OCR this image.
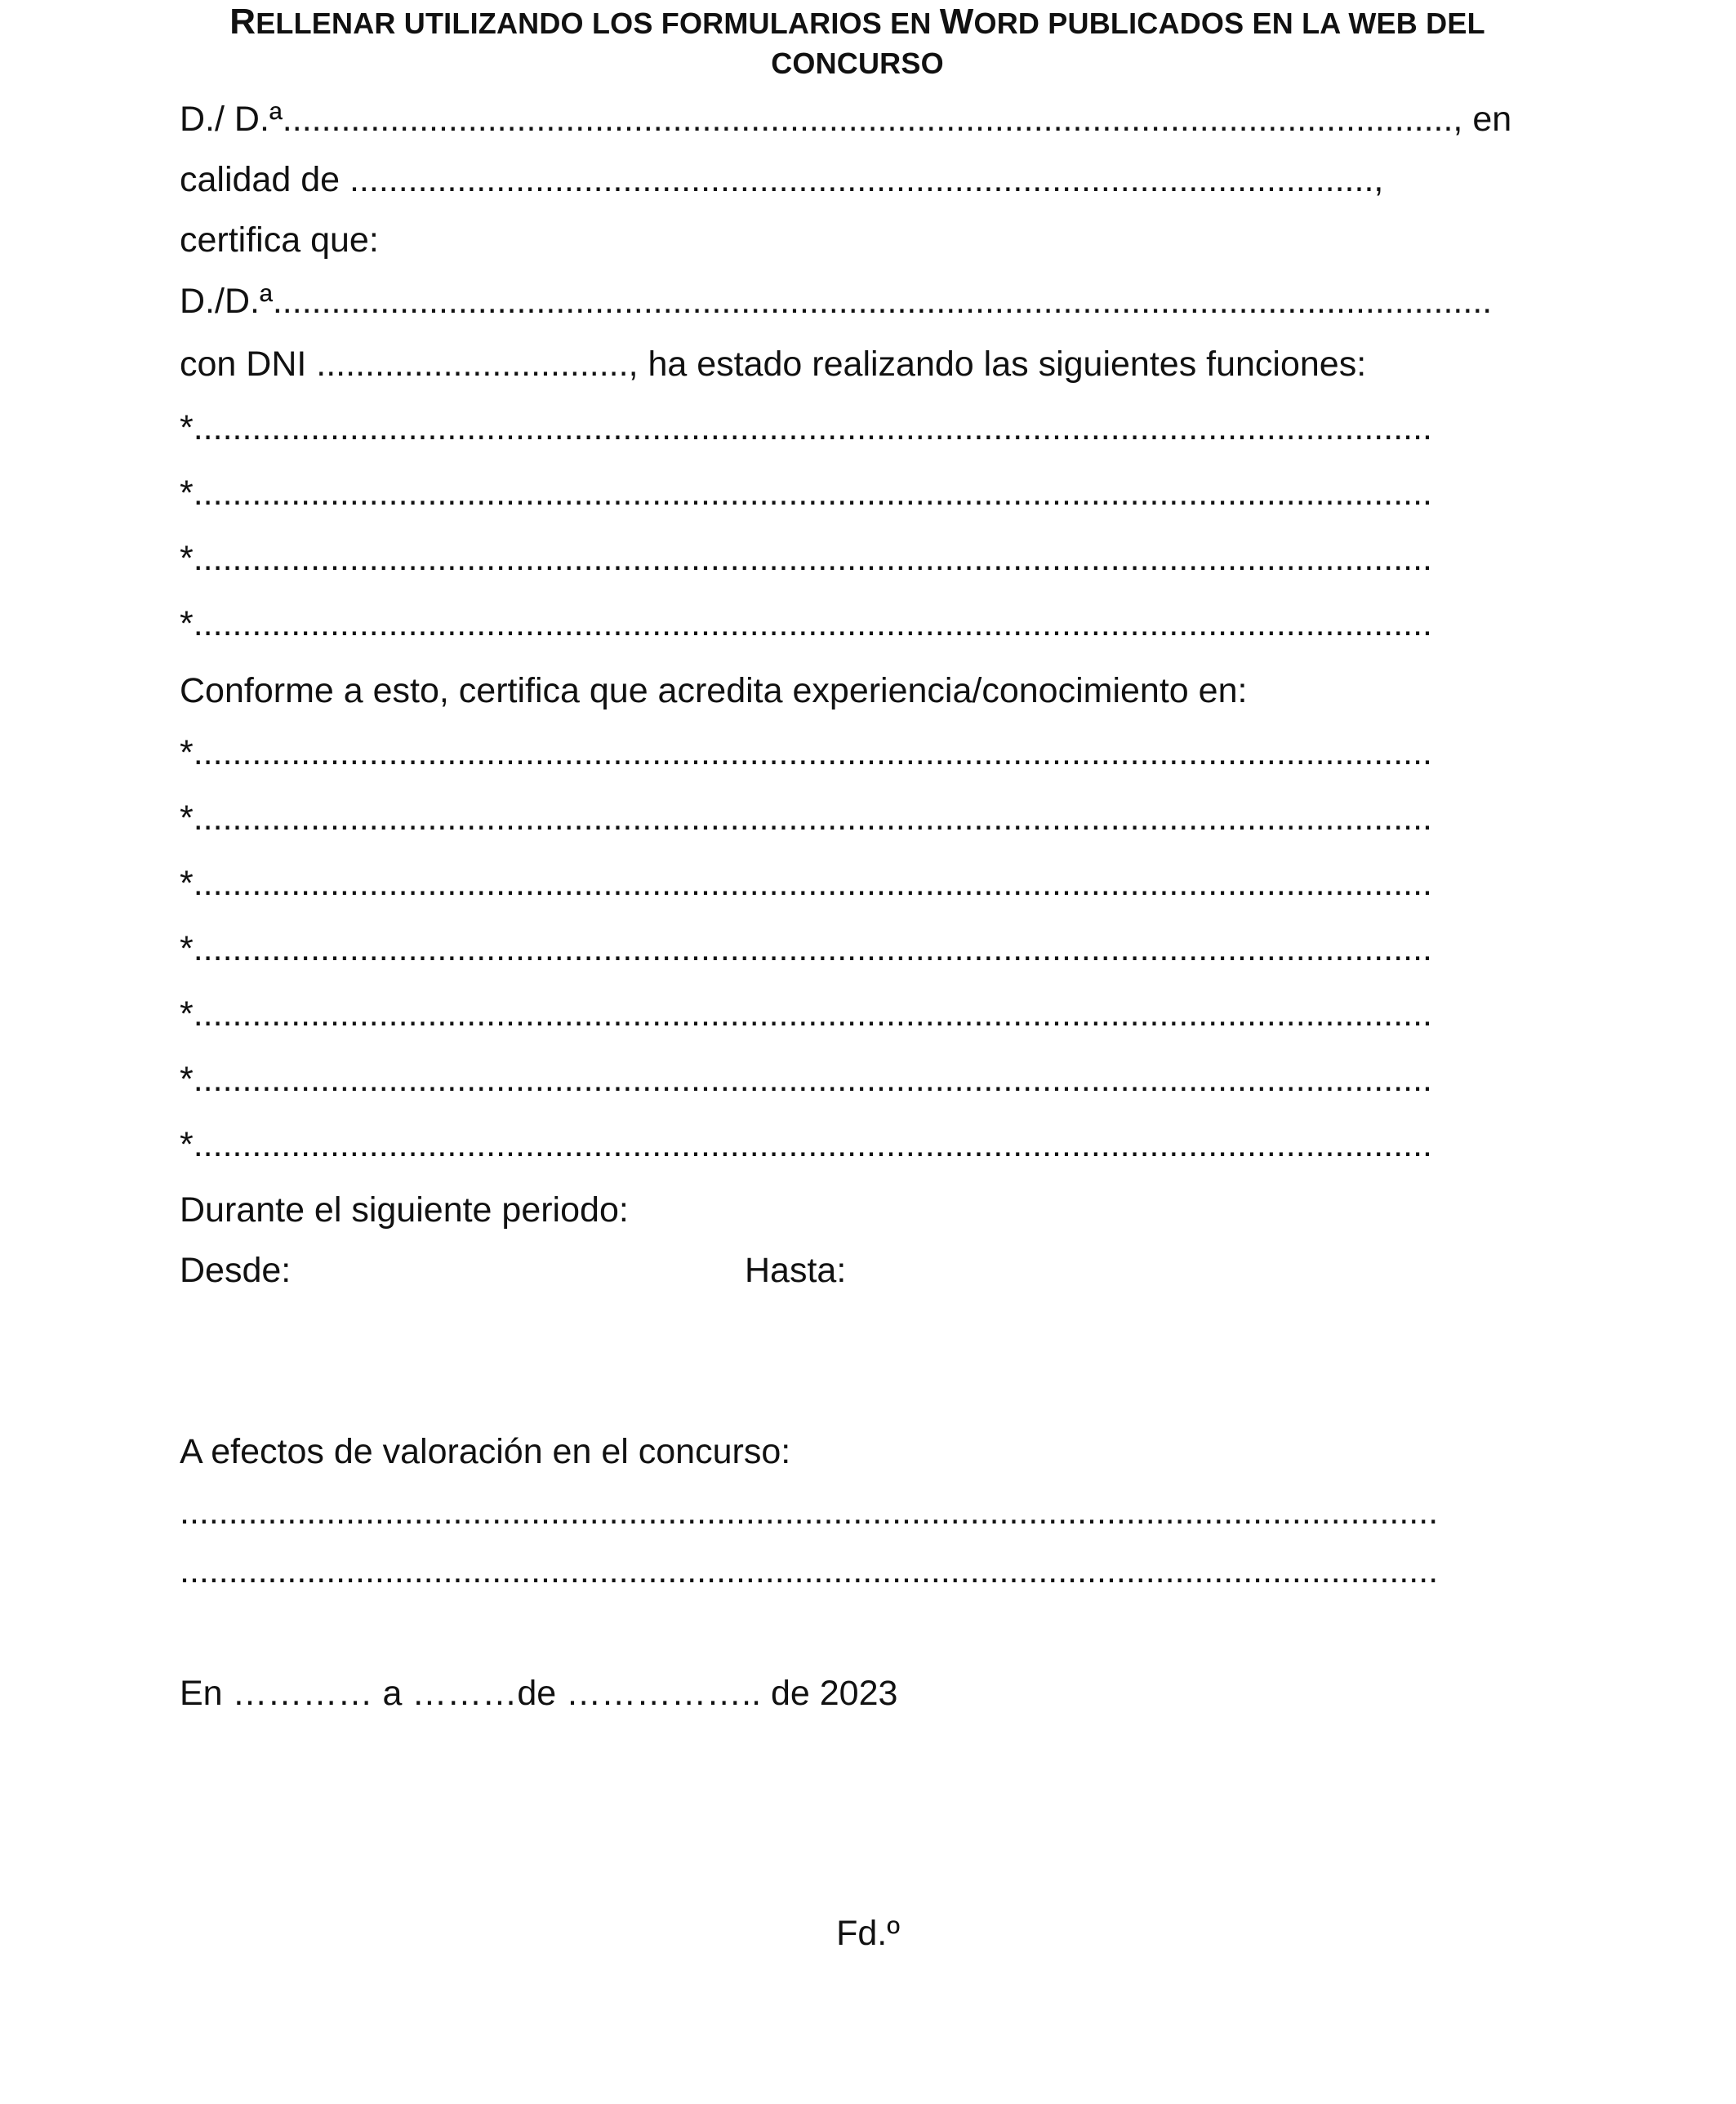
RELLENAR UTILIZANDO LOS FORMULARIOS EN WORD PUBLICADOS EN LA WEB DEL
CONCURSO
D./ D.ª........................................................................................................................, en
calidad de .........................................................................................................,
certifica que:
D./D.ª.............................................................................................................................
con DNI ................................, ha estado realizando las siguientes funciones:
*...............................................................................................................................
*...............................................................................................................................
*...............................................................................................................................
*...............................................................................................................................
Conforme a esto, certifica que acredita experiencia/conocimiento en:
*...............................................................................................................................
*...............................................................................................................................
*...............................................................................................................................
*...............................................................................................................................
*...............................................................................................................................
*...............................................................................................................................
*...............................................................................................................................
Durante el siguiente periodo:
Desde:	Hasta:
A efectos de valoración en el concurso:
.................................................................................................................................
.................................................................................................................................
En ………… a ………de …………….. de 2023
Fd.º
